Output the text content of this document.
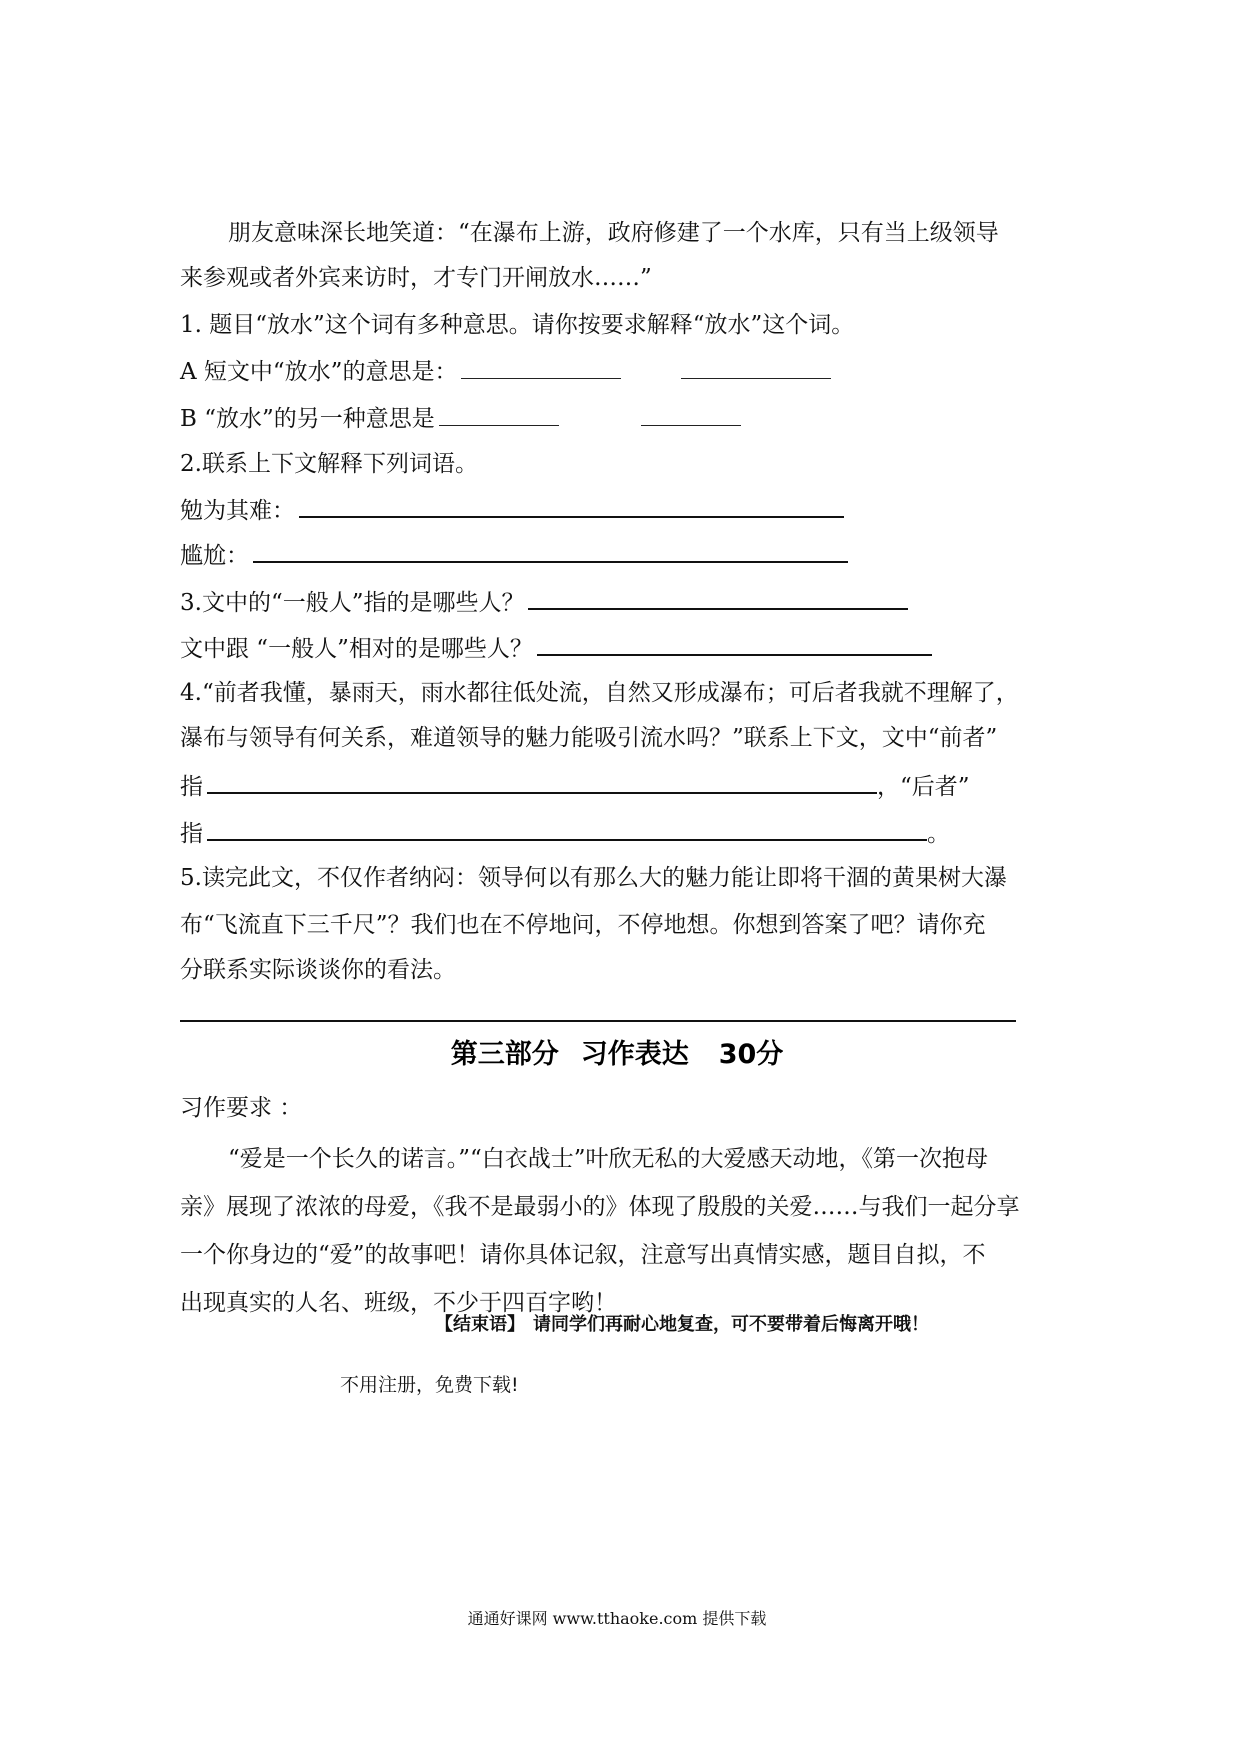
朋友意味深长地笑道：“在瀑布上游，政府修建了一个水库，只有当上级领导
来参观或者外宾来访时，才专门开闸放水……”
1. 题目“放水”这个词有多种意思。请你按要求解释“放水”这个词。
A 短文中“放水”的意思是：
B “放水”的另一种意思是
2.联系上下文解释下列词语。
勉为其难：
尴尬：
3.文中的“一般人”指的是哪些人？
文中跟 “一般人”相对的是哪些人？
4.“前者我懂，暴雨天，雨水都往低处流，自然又形成瀑布；可后者我就不理解了，
瀑布与领导有何关系，难道领导的魅力能吸引流水吗？”联系上下文，文中“前者”
指	，“后者”
指	。
5.读完此文，不仅作者纳闷：领导何以有那么大的魅力能让即将干涸的黄果树大瀑
布“飞流直下三千尺”？我们也在不停地问，不停地想。你想到答案了吧？请你充
分联系实际谈谈你的看法。
第三部分 习作表达 30分
习作要求 ：
“爱是一个长久的诺言。”“白衣战士”叶欣无私的大爱感天动地，《第一次抱母
亲》展现了浓浓的母爱，《我不是最弱小的》体现了殷殷的关爱……与我们一起分享
一个你身边的“爱”的故事吧！请你具体记叙，注意写出真情实感，题目自拟，不
出现真实的人名、班级，不少于四百字哟！
【结束语】 请同学们再耐心地复查，可不要带着后悔离开哦！
不用注册，免费下载!
通通好课网 www.tthaoke.com 提供下载
